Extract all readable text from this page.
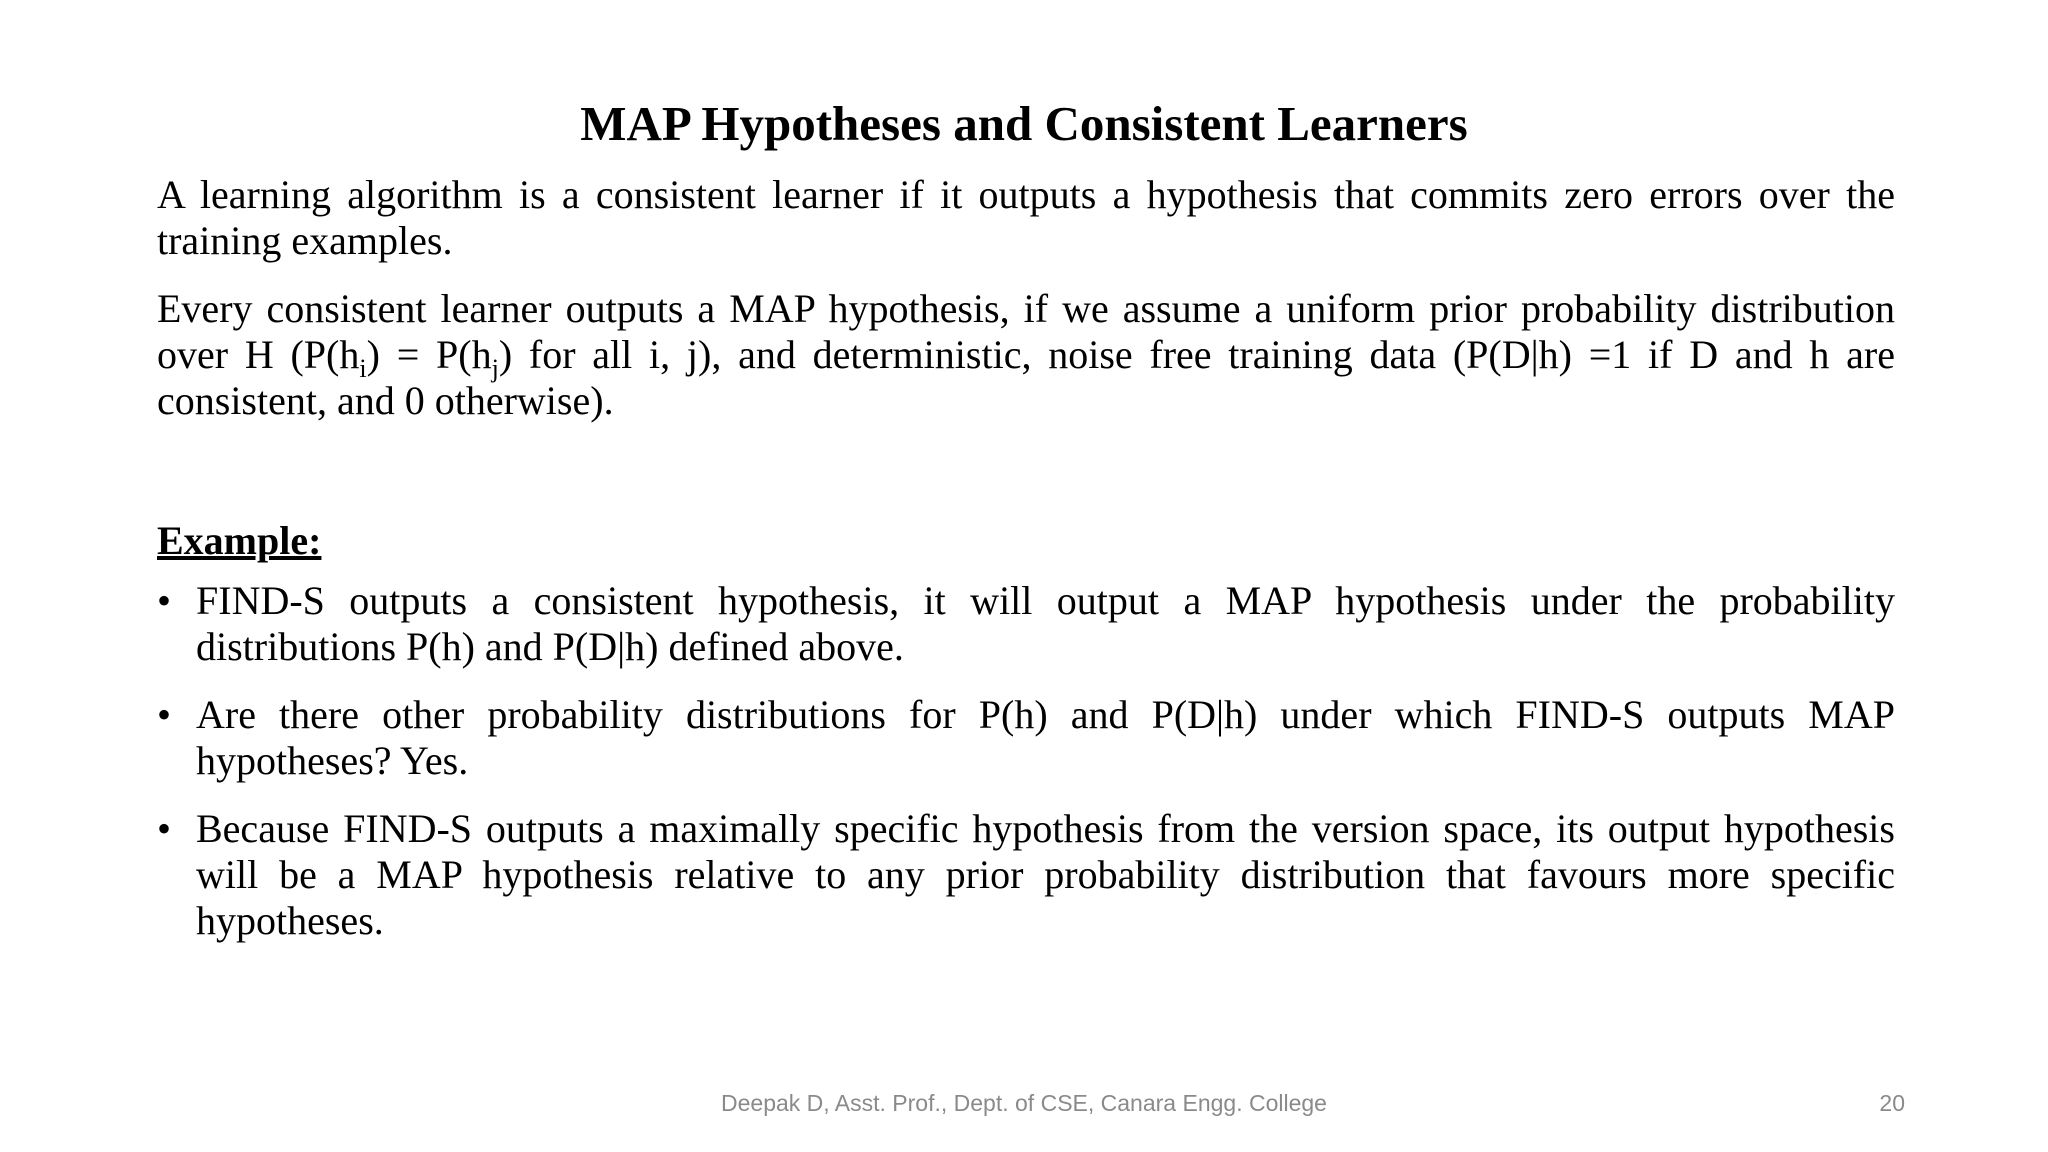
MAP Hypotheses and Consistent Learners

A learning algorithm is a consistent learner if it outputs a hypothesis that commits zero errors over the training examples.

Every consistent learner outputs a MAP hypothesis, if we assume a uniform prior probability distribution over H ($P(h_i) = P(h_j)$ for all i, j), and deterministic, noise free training data (P(D|h) =1 if D and h are consistent, and 0 otherwise).

Example:

• FIND-S outputs a consistent hypothesis, it will output a MAP hypothesis under the probability distributions P(h) and P(D|h) defined above.
• Are there other probability distributions for P(h) and P(D|h) under which FIND-S outputs MAP hypotheses? Yes.
• Because FIND-S outputs a maximally specific hypothesis from the version space, its output hypothesis will be a MAP hypothesis relative to any prior probability distribution that favours more specific hypotheses.
Deepak D, Asst. Prof., Dept. of CSE, Canara Engg. College	20
